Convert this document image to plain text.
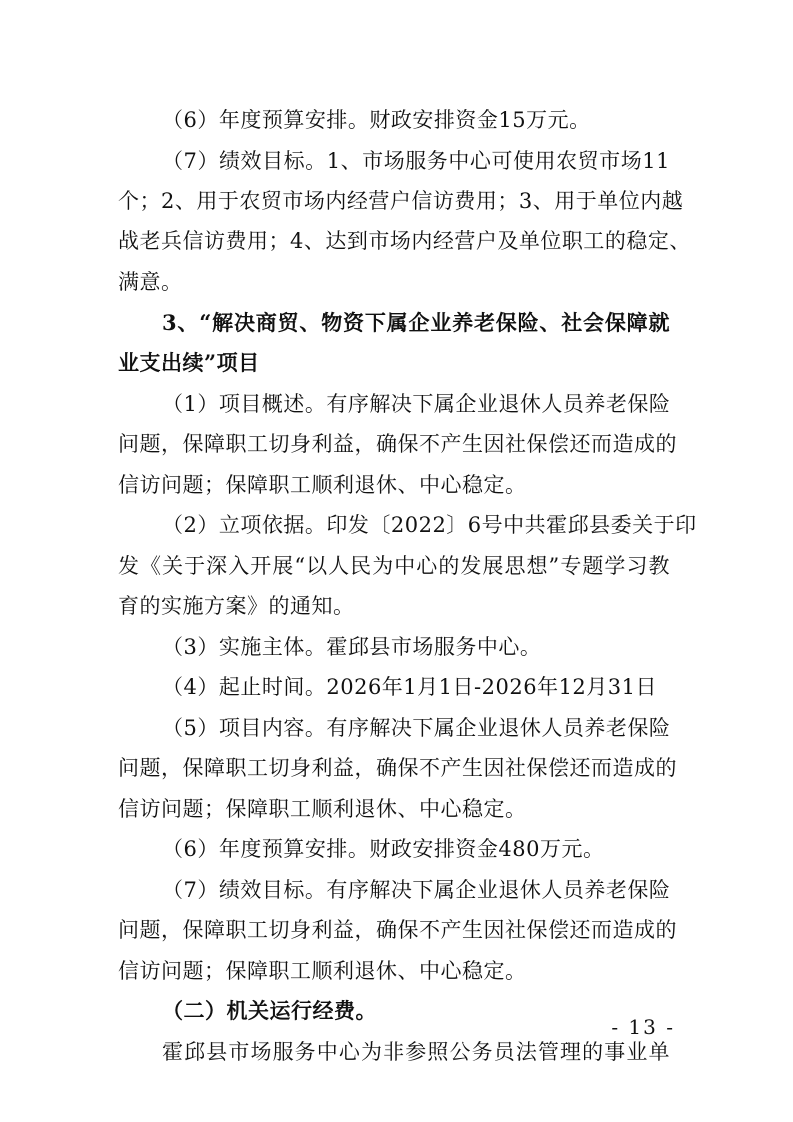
（6）年度预算安排。财政安排资金15万元。
（7）绩效目标。1、市场服务中心可使用农贸市场11
个；2、用于农贸市场内经营户信访费用；3、用于单位内越
战老兵信访费用；4、达到市场内经营户及单位职工的稳定、
满意。
3、“解决商贸、物资下属企业养老保险、社会保障就
业支出续”项目
（1）项目概述。有序解决下属企业退休人员养老保险
问题，保障职工切身利益，确保不产生因社保偿还而造成的
信访问题；保障职工顺利退休、中心稳定。
（2）立项依据。印发〔2022〕6号中共霍邱县委关于印
发《关于深入开展“以人民为中心的发展思想”专题学习教
育的实施方案》的通知。
（3）实施主体。霍邱县市场服务中心。
（4）起止时间。2026年1月1日-2026年12月31日
（5）项目内容。有序解决下属企业退休人员养老保险
问题，保障职工切身利益，确保不产生因社保偿还而造成的
信访问题；保障职工顺利退休、中心稳定。
（6）年度预算安排。财政安排资金480万元。
（7）绩效目标。有序解决下属企业退休人员养老保险
问题，保障职工切身利益，确保不产生因社保偿还而造成的
信访问题；保障职工顺利退休、中心稳定。
（二）机关运行经费。
霍邱县市场服务中心为非参照公务员法管理的事业单
- 13 -
